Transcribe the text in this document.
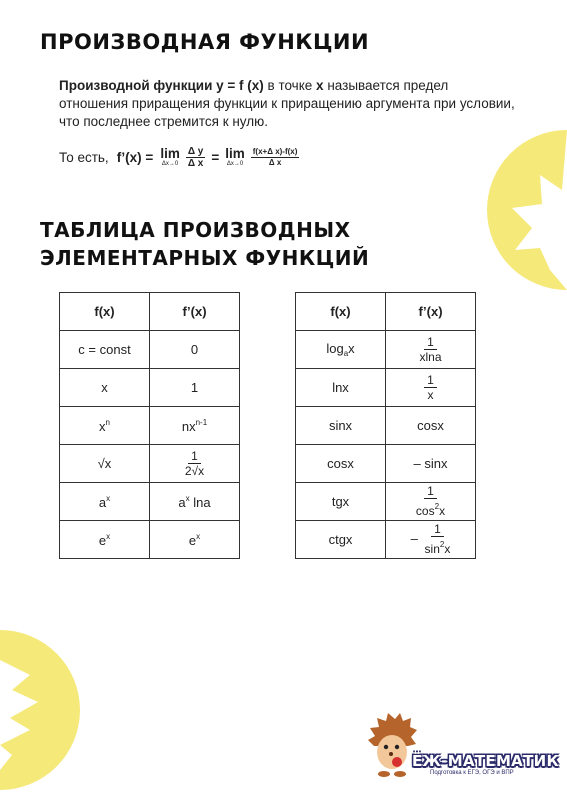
ПРОИЗВОДНАЯ ФУНКЦИИ
Производной функции y = f (x) в точке x называется предел отношения приращения функции к приращению аргумента при условии, что последнее стремится к нулю.
То есть, f’(x) = lim
$\Delta x\to 0 \frac{\text{Δ y}}{\text{Δ x}} = \lim$
$\Delta x\to 0 \frac{\text{f(x+Δ x)-f(x)}}{\text{Δ x}}$
ТАБЛИЦА ПРОИЗВОДНЫХ
ЭЛЕМЕНТАРНЫХ ФУНКЦИЙ
f(x)	f’(x)
c = const	0
x	1
$x^n$	$nx^{n-1}$
√x	$\frac{1}{2√x}$

$a^x$	$a^x$ lna
$e^x$	$e^x$
f(x)	f’(x)
$\log_ax$	$\frac{1}{xlna}$

lnx	$\frac{1}{x}$

sinx	cosx
cosx	– sinx
tgx	$\frac{1}{\cos^2x}$

ctgx	– $\frac{1}{\sin^2x}$
ЁЖ-МАТЕМАТИК
Подготовка к ЕГЭ, ОГЭ и ВПР
